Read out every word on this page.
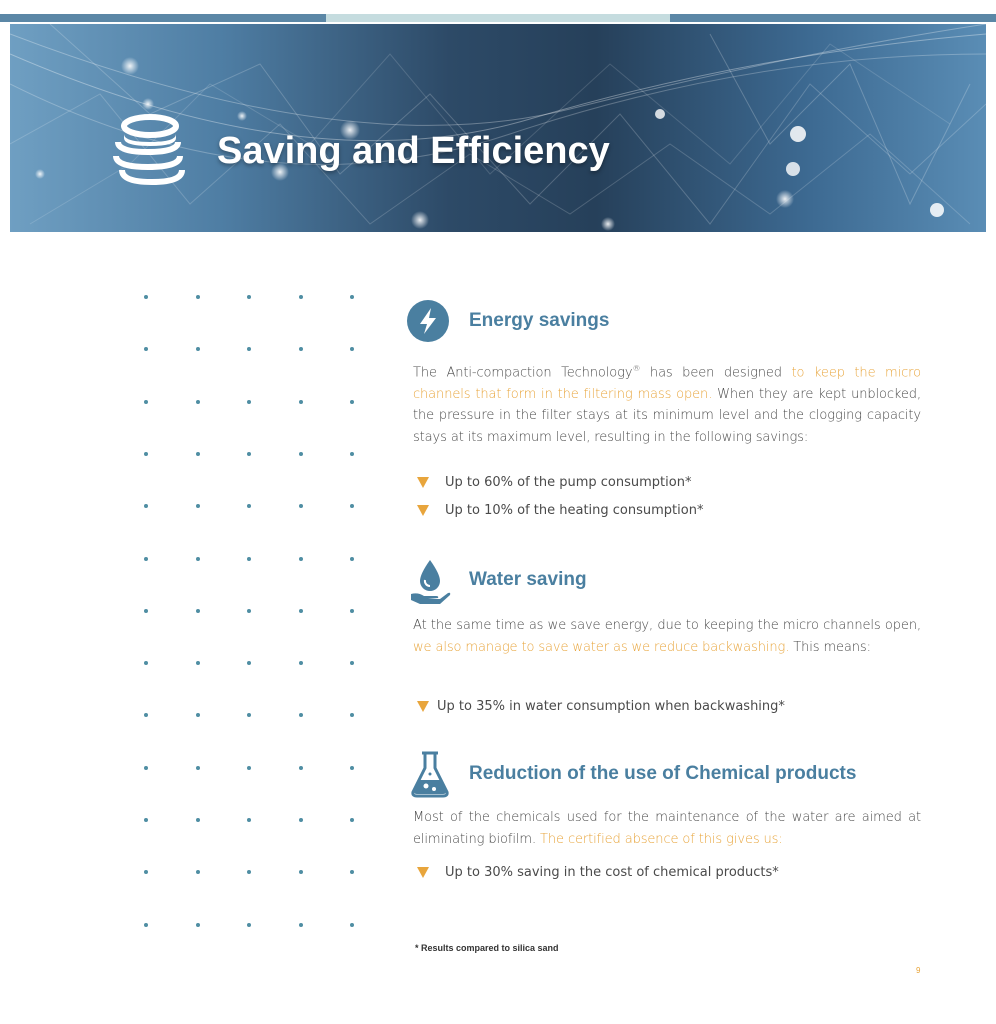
Saving and Efficiency
Energy savings
The Anti-compaction Technology® has been designed to keep the micro channels that form in the filtering mass open. When they are kept unblocked, the pressure in the filter stays at its minimum level and the clogging capacity stays at its maximum level, resulting in the following savings:
Up to 60% of the pump consumption*
Up to 10% of the heating consumption*
Water saving
At the same time as we save energy, due to keeping the micro channels open, we also manage to save water as we reduce backwashing. This means:
Up to 35% in water consumption when backwashing*
Reduction of the use of Chemical products
Most of the chemicals used for the maintenance of the water are aimed at eliminating biofilm. The certified absence of this gives us:
Up to 30% saving in the cost of chemical products*
* Results compared to silica sand
9
